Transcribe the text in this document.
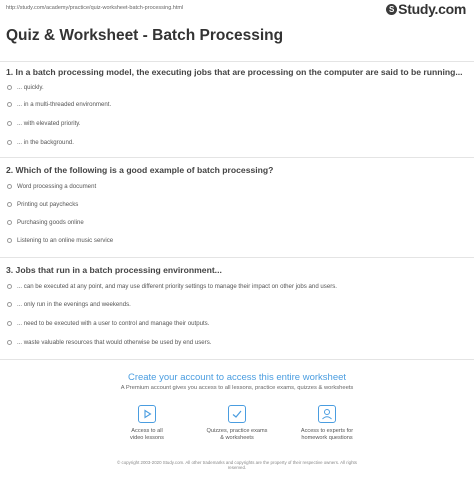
http://study.com/academy/practice/quiz-worksheet-batch-processing.html	S Study.com
Quiz & Worksheet - Batch Processing
1. In a batch processing model, the executing jobs that are processing on the computer are said to be running...
... quickly.
... in a multi-threaded environment.
... with elevated priority.
... in the background.
2. Which of the following is a good example of batch processing?
Word processing a document
Printing out paychecks
Purchasing goods online
Listening to an online music service
3. Jobs that run in a batch processing environment...
... can be executed at any point, and may use different priority settings to manage their impact on other jobs and users.
... only run in the evenings and weekends.
... need to be executed with a user to control and manage their outputs.
... waste valuable resources that would otherwise be used by end users.
Create your account to access this entire worksheet
A Premium account gives you access to all lessons, practice exams, quizzes & worksheets
Access to all
video lessons
Quizzes, practice exams
& worksheets
Access to experts for
homework questions
© copyright 2003-2020 Study.com. All other trademarks and copyrights are the property of their respective owners. All rights
reserved.
